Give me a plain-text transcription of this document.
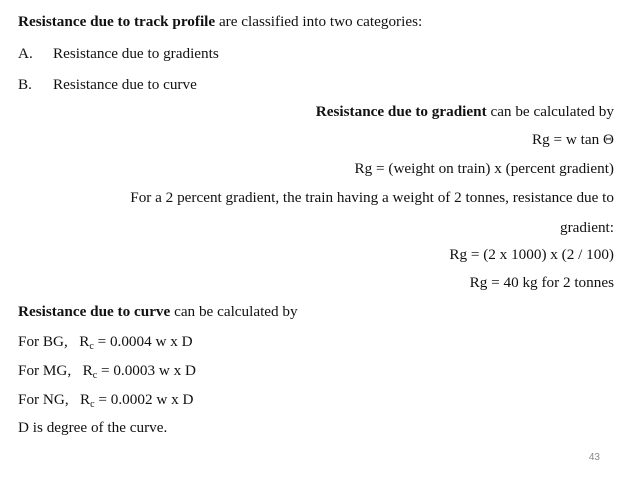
Resistance due to track profile are classified into two categories:
A. Resistance due to gradients
B. Resistance due to curve
Resistance due to gradient can be calculated by
Rg = w tan Θ
Rg = (weight on train) x (percent gradient)
For a 2 percent gradient, the train having a weight of 2 tonnes, resistance due to
gradient:
Rg = (2 x 1000) x (2 / 100)
Rg = 40 kg for 2 tonnes
Resistance due to curve can be calculated by
For BG, $R_c = 0.0004$ w x D
For MG, $R_c = 0.0003$ w x D
For NG, $R_c = 0.0002$ w x D
D is degree of the curve.
43
